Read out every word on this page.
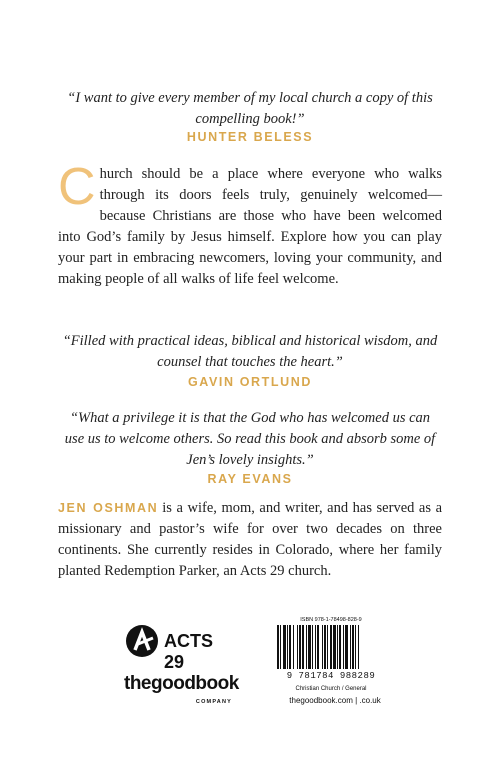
“I want to give every member of my local church a copy of this compelling book!”
HUNTER BELESS
Church should be a place where everyone who walks through its doors feels truly, genuinely welcomed—because Christians are those who have been welcomed into God’s family by Jesus himself. Explore how you can play your part in embracing newcomers, loving your community, and making people of all walks of life feel welcome.
“Filled with practical ideas, biblical and historical wisdom, and counsel that touches the heart.”
GAVIN ORTLUND
“What a privilege it is that the God who has welcomed us can use us to welcome others. So read this book and absorb some of Jen’s lovely insights.”
RAY EVANS
JEN OSHMAN is a wife, mom, and writer, and has served as a missionary and pastor’s wife for over two decades on three continents. She currently resides in Colorado, where her family planted Redemption Parker, an Acts 29 church.
ACTS 29
thegoodbook
COMPANY
ISBN 978-1-78498-828-9
9 781784 988289
Christian Church / General
thegoodbook.com | .co.uk
